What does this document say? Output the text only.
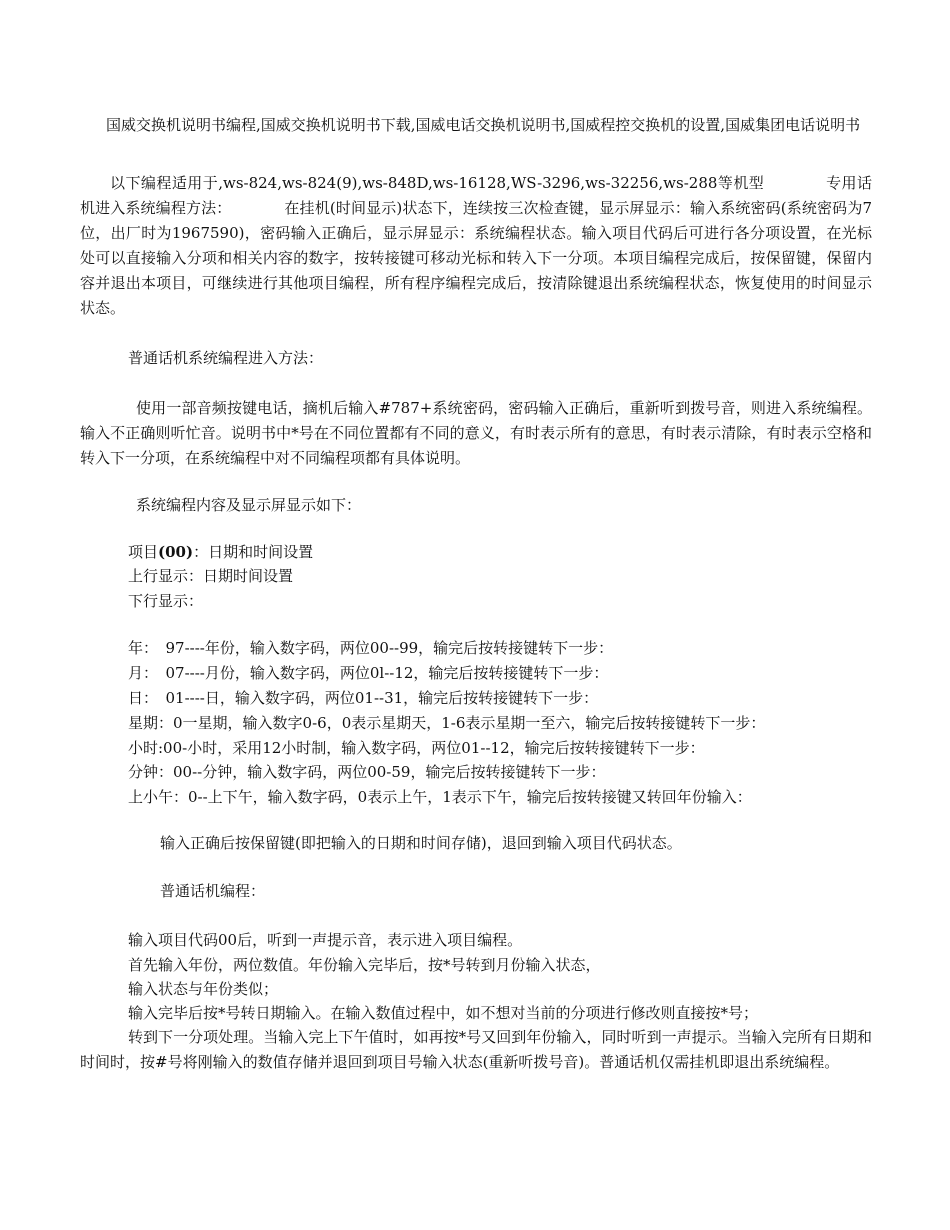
国威交换机说明书编程,国威交换机说明书下载,国威电话交换机说明书,国威程控交换机的设置,国威集团电话说明书

以下编程适用于,ws-824,ws-824(9),ws-848D,ws-16128,WS-3296,ws-32256,ws-288等机型　　　　专用话机进入系统编程方法：　　　　在挂机(时间显示)状态下，连续按三次检查键，显示屏显示：输入系统密码(系统密码为7位，出厂时为1967590)，密码输入正确后，显示屏显示：系统编程状态。输入项目代码后可进行各分项设置，在光标处可以直接输入分项和相关内容的数字，按转接键可移动光标和转入下一分项。本项目编程完成后，按保留键，保留内容并退出本项目，可继续进行其他项目编程，所有程序编程完成后，按清除键退出系统编程状态，恢复使用的时间显示状态。

普通话机系统编程进入方法：

使用一部音频按键电话，摘机后输入#787+系统密码，密码输入正确后，重新听到拨号音，则进入系统编程。输入不正确则听忙音。说明书中*号在不同位置都有不同的意义，有时表示所有的意思，有时表示清除，有时表示空格和转入下一分项，在系统编程中对不同编程项都有具体说明。

系统编程内容及显示屏显示如下：

项目(00)：日期和时间设置

上行显示：日期时间设置

下行显示：

年：　97----年份，输入数字码，两位00--99，输完后按转接键转下一步：

月：　07----月份，输入数字码，两位0l--12，输完后按转接键转下一步：

日：　01----日，输入数字码，两位01--31，输完后按转接键转下一步：

星期：0一星期，输入数字0-6，0表示星期天，1-6表示星期一至六，输完后按转接键转下一步：

小时:00-小时，采用12小时制，输入数字码，两位01--12，输完后按转接键转下一步：

分钟：00--分钟，输入数字码，两位00-59，输完后按转接键转下一步：

上小午：0--上下午，输入数字码，0表示上午，1表示下午，输完后按转接键又转回年份输入：

输入正确后按保留键(即把输入的日期和时间存储)，退回到输入项目代码状态。

普通话机编程：

输入项目代码00后，听到一声提示音，表示进入项目编程。

首先输入年份，两位数值。年份输入完毕后，按*号转到月份输入状态，

输入状态与年份类似；

输入完毕后按*号转日期输入。在输入数值过程中，如不想对当前的分项进行修改则直接按*号；

转到下一分项处理。当输入完上下午值时，如再按*号又回到年份输入，同时听到一声提示。当输入完所有日期和时间时，按#号将刚输入的数值存储并退回到项目号输入状态(重新听拨号音)。普通话机仅需挂机即退出系统编程。
